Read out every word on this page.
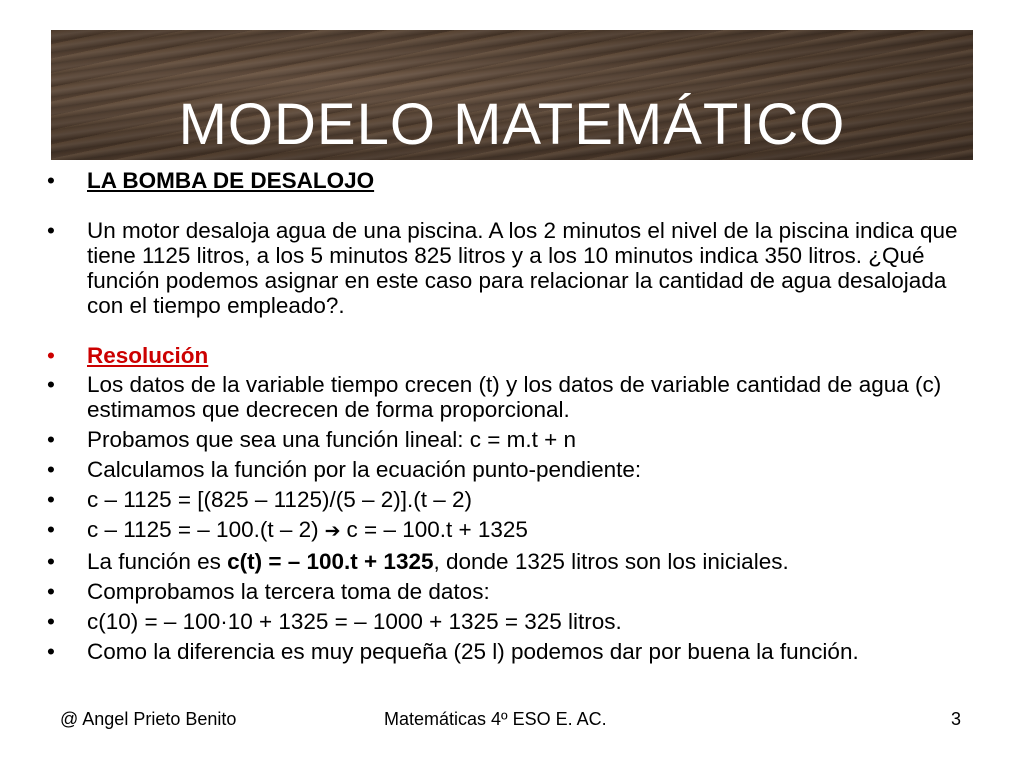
MODELO MATEMÁTICO
•	LA BOMBA DE DESALOJO
•	Un motor desaloja agua de una piscina. A los 2 minutos el nivel de la piscina indica que tiene 1125 litros, a los 5 minutos 825 litros y a los 10 minutos indica 350 litros. ¿Qué función podemos asignar en este caso para relacionar la cantidad de agua desalojada con el tiempo empleado?.
•	Resolución
•	Los datos de la variable tiempo crecen (t) y los datos de variable cantidad de agua (c) estimamos que decrecen de forma proporcional.
•	Probamos que sea una función lineal: c = m.t + n
•	Calculamos la función por la ecuación punto-pendiente:
•	c – 1125 = [(825 – 1125)/(5 – 2)].(t – 2)
•	c – 1125 = – 100.(t – 2) ➔ c = – 100.t + 1325
•	La función es c(t) = – 100.t + 1325, donde 1325 litros son los iniciales.
•	Comprobamos la tercera toma de datos:
•	c(10) = – 100·10 + 1325 = – 1000 + 1325 = 325 litros.
•	Como la diferencia es muy pequeña (25 l) podemos dar por buena la función.
@ Angel Prieto Benito	Matemáticas 4º ESO E. AC.	3
